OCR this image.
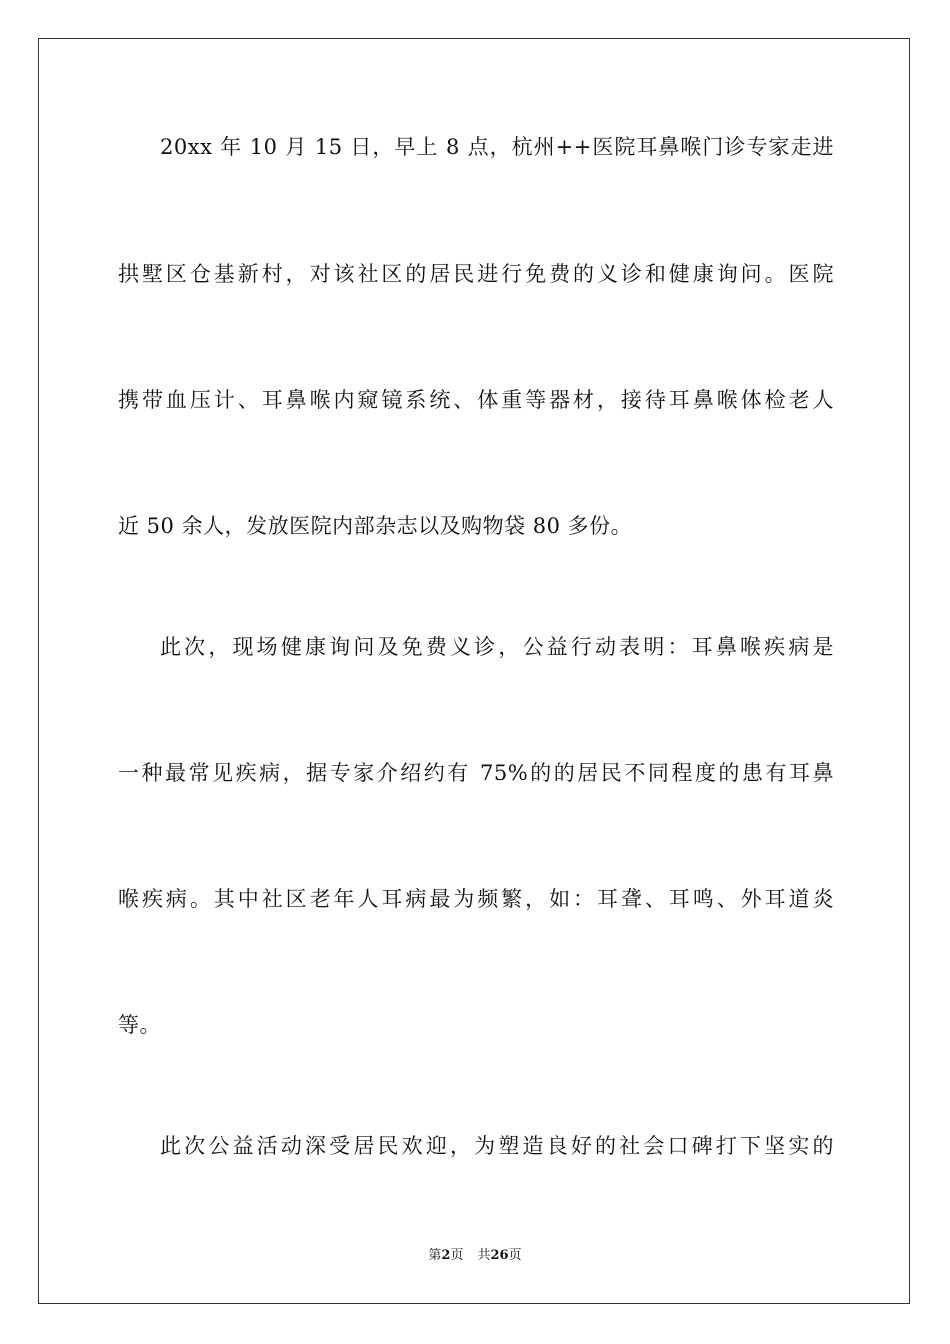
20xx 年 10 月 15 日，早上 8 点，杭州++医院耳鼻喉门诊专家走进
拱墅区仓基新村，对该社区的居民进行免费的义诊和健康询问。医院
携带血压计、耳鼻喉内窥镜系统、体重等器材，接待耳鼻喉体检老人
近 50 余人，发放医院内部杂志以及购物袋 80 多份。
此次，现场健康询问及免费义诊，公益行动表明：耳鼻喉疾病是
一种最常见疾病，据专家介绍约有 75%的的居民不同程度的患有耳鼻
喉疾病。其中社区老年人耳病最为频繁，如：耳聋、耳鸣、外耳道炎
等。
此次公益活动深受居民欢迎，为塑造良好的社会口碑打下坚实的
第2页 共26页
